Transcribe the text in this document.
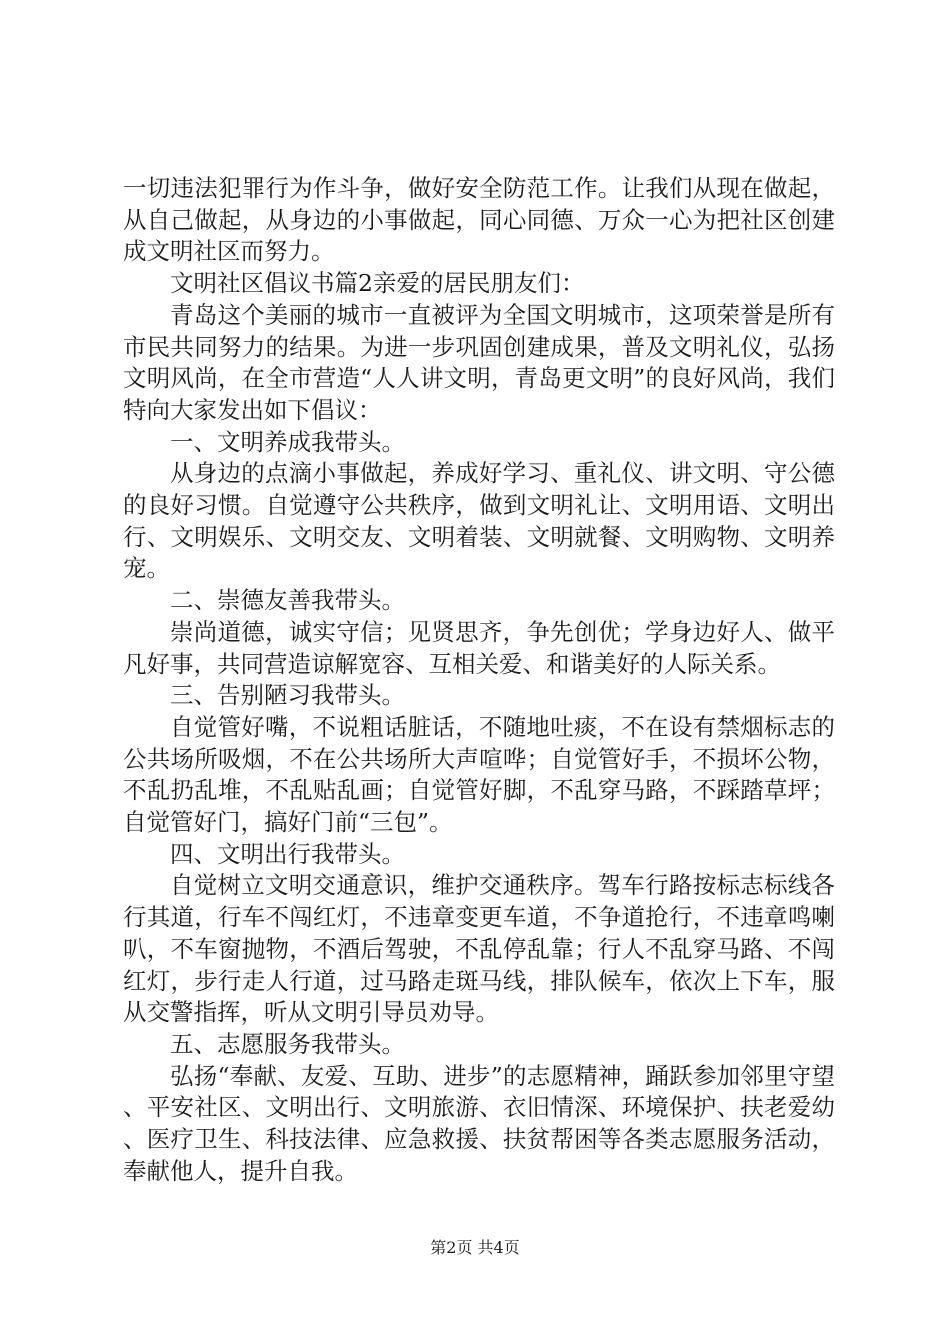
一切违法犯罪行为作斗争，做好安全防范工作。让我们从现在做起，从自己做起，从身边的小事做起，同心同德、万众一心为把社区创建成文明社区而努力。

文明社区倡议书篇2亲爱的居民朋友们：

青岛这个美丽的城市一直被评为全国文明城市，这项荣誉是所有市民共同努力的结果。为进一步巩固创建成果，普及文明礼仪，弘扬文明风尚，在全市营造“人人讲文明，青岛更文明”的良好风尚，我们特向大家发出如下倡议：

一、文明养成我带头。

从身边的点滴小事做起，养成好学习、重礼仪、讲文明、守公德的良好习惯。自觉遵守公共秩序，做到文明礼让、文明用语、文明出行、文明娱乐、文明交友、文明着装、文明就餐、文明购物、文明养宠。

二、崇德友善我带头。

崇尚道德，诚实守信；见贤思齐，争先创优；学身边好人、做平凡好事，共同营造谅解宽容、互相关爱、和谐美好的人际关系。

三、告别陋习我带头。

自觉管好嘴，不说粗话脏话，不随地吐痰，不在设有禁烟标志的公共场所吸烟，不在公共场所大声喧哗；自觉管好手，不损坏公物，不乱扔乱堆，不乱贴乱画；自觉管好脚，不乱穿马路，不踩踏草坪；自觉管好门，搞好门前“三包”。

四、文明出行我带头。

自觉树立文明交通意识，维护交通秩序。驾车行路按标志标线各行其道，行车不闯红灯，不违章变更车道，不争道抢行，不违章鸣喇叭，不车窗抛物，不酒后驾驶，不乱停乱靠；行人不乱穿马路、不闯红灯，步行走人行道，过马路走斑马线，排队候车，依次上下车，服从交警指挥，听从文明引导员劝导。

五、志愿服务我带头。

弘扬“奉献、友爱、互助、进步”的志愿精神，踊跃参加邻里守望、平安社区、文明出行、文明旅游、衣旧情深、环境保护、扶老爱幼、医疗卫生、科技法律、应急救援、扶贫帮困等各类志愿服务活动，奉献他人，提升自我。

第2页 共4页
